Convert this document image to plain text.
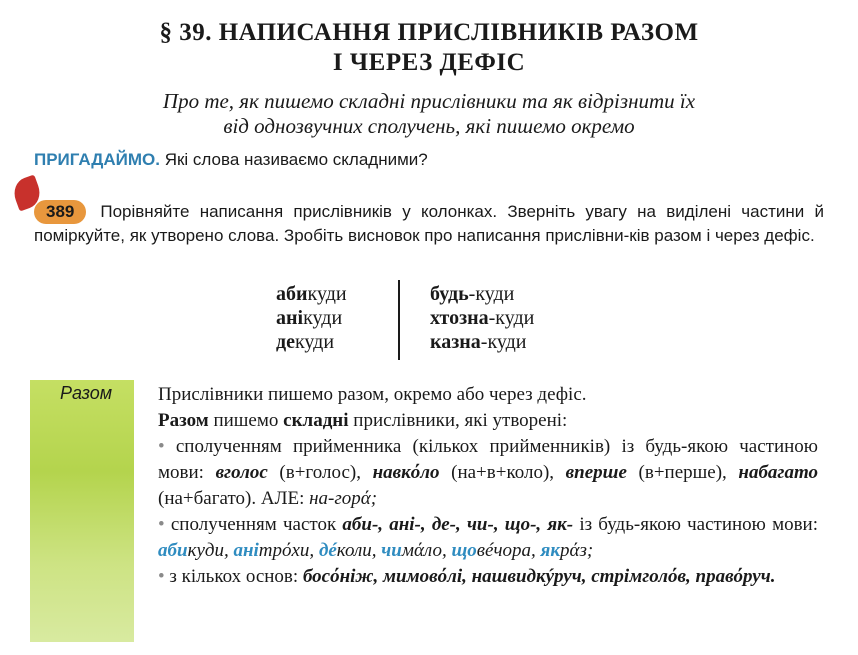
§ 39. НАПИСАННЯ ПРИСЛІВНИКІВ РАЗОМ
І ЧЕРЕЗ ДЕФІС
Про те, як пишемо складні прислівники та як відрізнити їх
від однозвучних сполучень, які пишемо окремо
ПРИГАДАЙМО. Які слова називаємо складними?
389 Порівняйте написання прислівників у колонках. Зверніть увагу на виділені частини й поміркуйте, як утворено слова. Зробіть висновок про написання прислівни-ків разом і через дефіс.
абикуди
анікуди
декуди
будь-куди
хтозна-куди
казна-куди
Разом Прислівники пишемо разом, окремо або через дефіс.

Разом пишемо складні прислівники, які утворені:

• сполученням прийменника (кількох прийменників) із будь-якою частиною мови: вголос (в+голос), навкόло (на+в+коло), вперше (в+перше), набагато (на+багато). АЛЕ: на-горά;

• сполученням часток аби-, ані-, де-, чи-, що-, як- із будь-якою частиною мови: абикуди, анітрόхи, дéколи, чимάло, щовéчора, якрάз;

• з кількох основ: босόніж, мимовόлі, нашвидкýруч, стрімголόв, правόруч.
